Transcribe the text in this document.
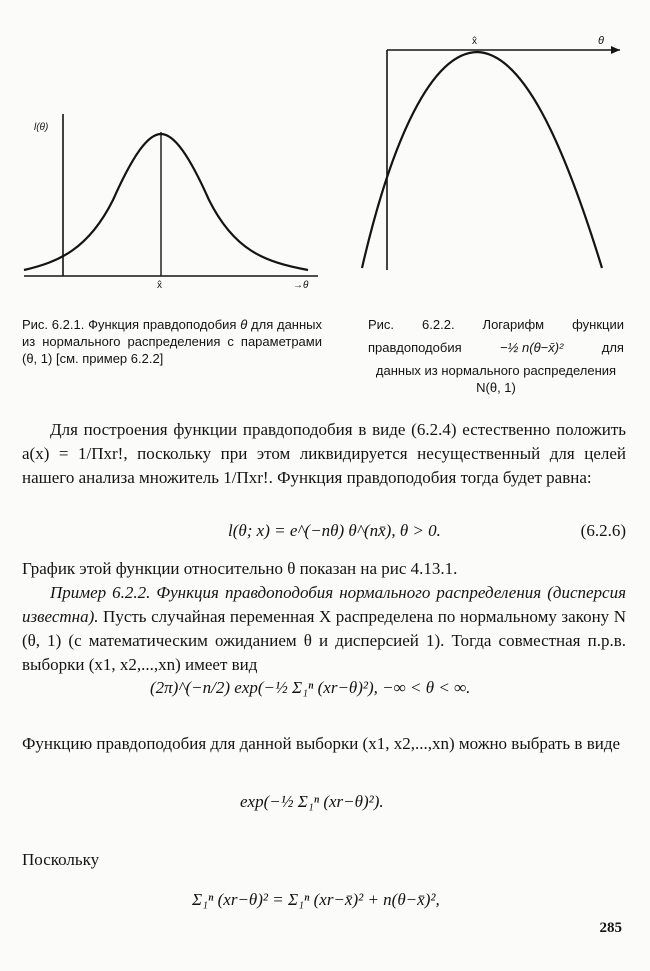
l(θ)
x̂	→θ
Рис. 6.2.1. Функция правдоподобия θ для данных из нормального распределения с параметрами (θ, 1) [см. пример 6.2.2]
x̂	θ
Рис. 6.2.2. Логарифм функции
правдоподобия	−½ n(θ−x̄)²	для
данных из нормального распределения N(θ, 1)
Для построения функции правдоподобия в виде (6.2.4) естественно положить a(x) = 1/Πxr!, поскольку при этом ликвидируется несущественный для целей нашего анализа множитель 1/Πxr!. Функция правдоподобия тогда будет равна:
l(θ; x) = e^(−nθ) θ^(nx̄), θ > 0.	(6.2.6)
График этой функции относительно θ показан на рис 4.13.1.
Пример 6.2.2. Функция правдоподобия нормального распределения (дисперсия известна). Пусть случайная переменная X распределена по нормальному закону N (θ, 1) (с математическим ожиданием θ и дисперсией 1). Тогда совместная п.р.в. выборки (x1, x2,...,xn) имеет вид
(2π)^(−n/2) exp(−½ Σ₁ⁿ (xr−θ)²), −∞ < θ < ∞.
Функцию правдоподобия для данной выборки (x1, x2,...,xn) можно выбрать в виде
exp(−½ Σ₁ⁿ (xr−θ)²).
Поскольку
Σ₁ⁿ (xr−θ)² = Σ₁ⁿ (xr−x̄)² + n(θ−x̄)²,
285
